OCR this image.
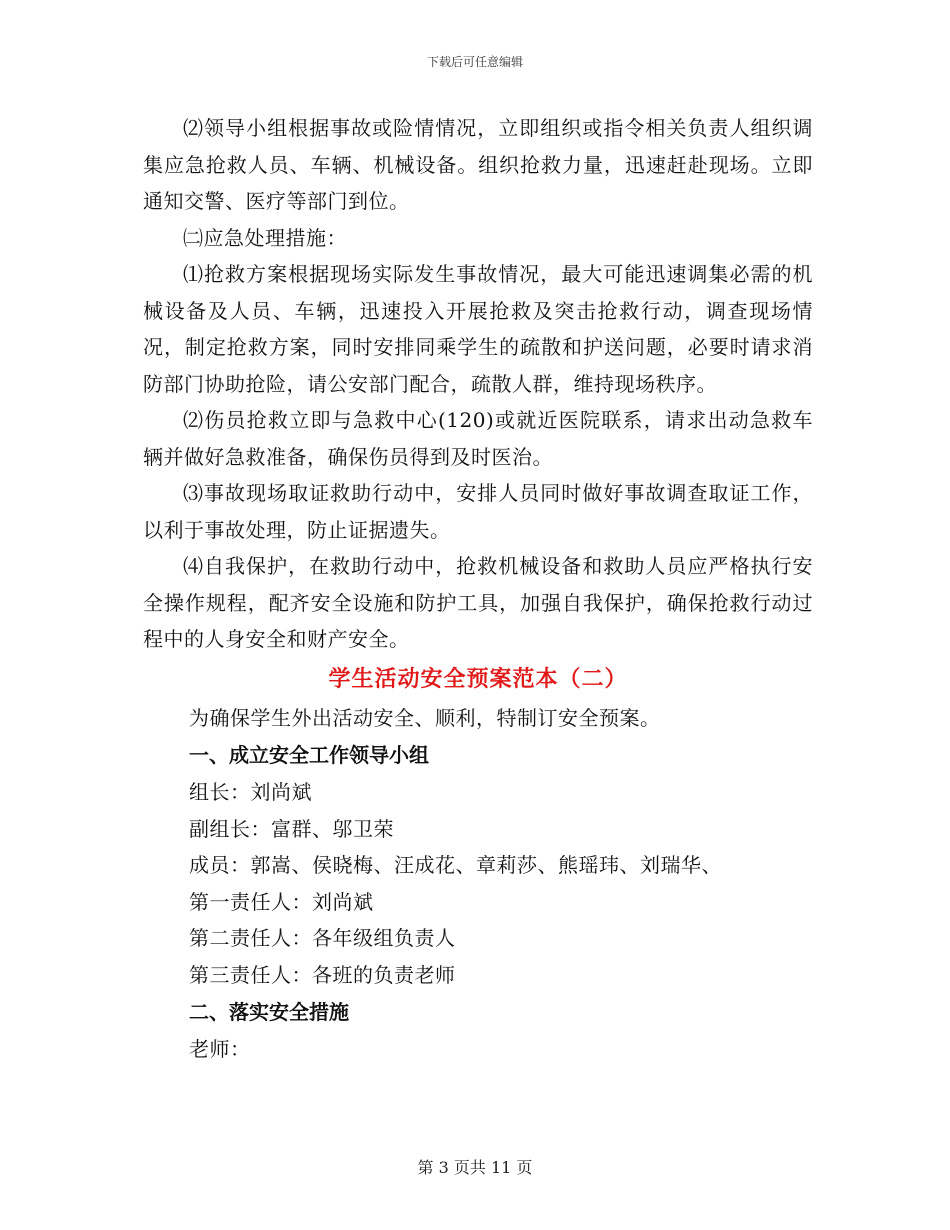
下载后可任意编辑

⑵领导小组根据事故或险情情况，立即组织或指令相关负责人组织调集应急抢救人员、车辆、机械设备。组织抢救力量，迅速赶赴现场。立即通知交警、医疗等部门到位。

㈡应急处理措施：

⑴抢救方案根据现场实际发生事故情况，最大可能迅速调集必需的机械设备及人员、车辆，迅速投入开展抢救及突击抢救行动，调查现场情况，制定抢救方案，同时安排同乘学生的疏散和护送问题，必要时请求消防部门协助抢险，请公安部门配合，疏散人群，维持现场秩序。

⑵伤员抢救立即与急救中心(120)或就近医院联系，请求出动急救车辆并做好急救准备，确保伤员得到及时医治。

⑶事故现场取证救助行动中，安排人员同时做好事故调查取证工作，以利于事故处理，防止证据遗失。

⑷自我保护，在救助行动中，抢救机械设备和救助人员应严格执行安全操作规程，配齐安全设施和防护工具，加强自我保护，确保抢救行动过程中的人身安全和财产安全。

学生活动安全预案范本（二）

为确保学生外出活动安全、顺利，特制订安全预案。

一、成立安全工作领导小组

组长：刘尚斌

副组长：富群、邬卫荣

成员：郭嵩、侯晓梅、汪成花、章莉莎、熊瑶玮、刘瑞华、

第一责任人：刘尚斌

第二责任人：各年级组负责人

第三责任人：各班的负责老师

二、落实安全措施

老师：

第 3 页共 11 页
